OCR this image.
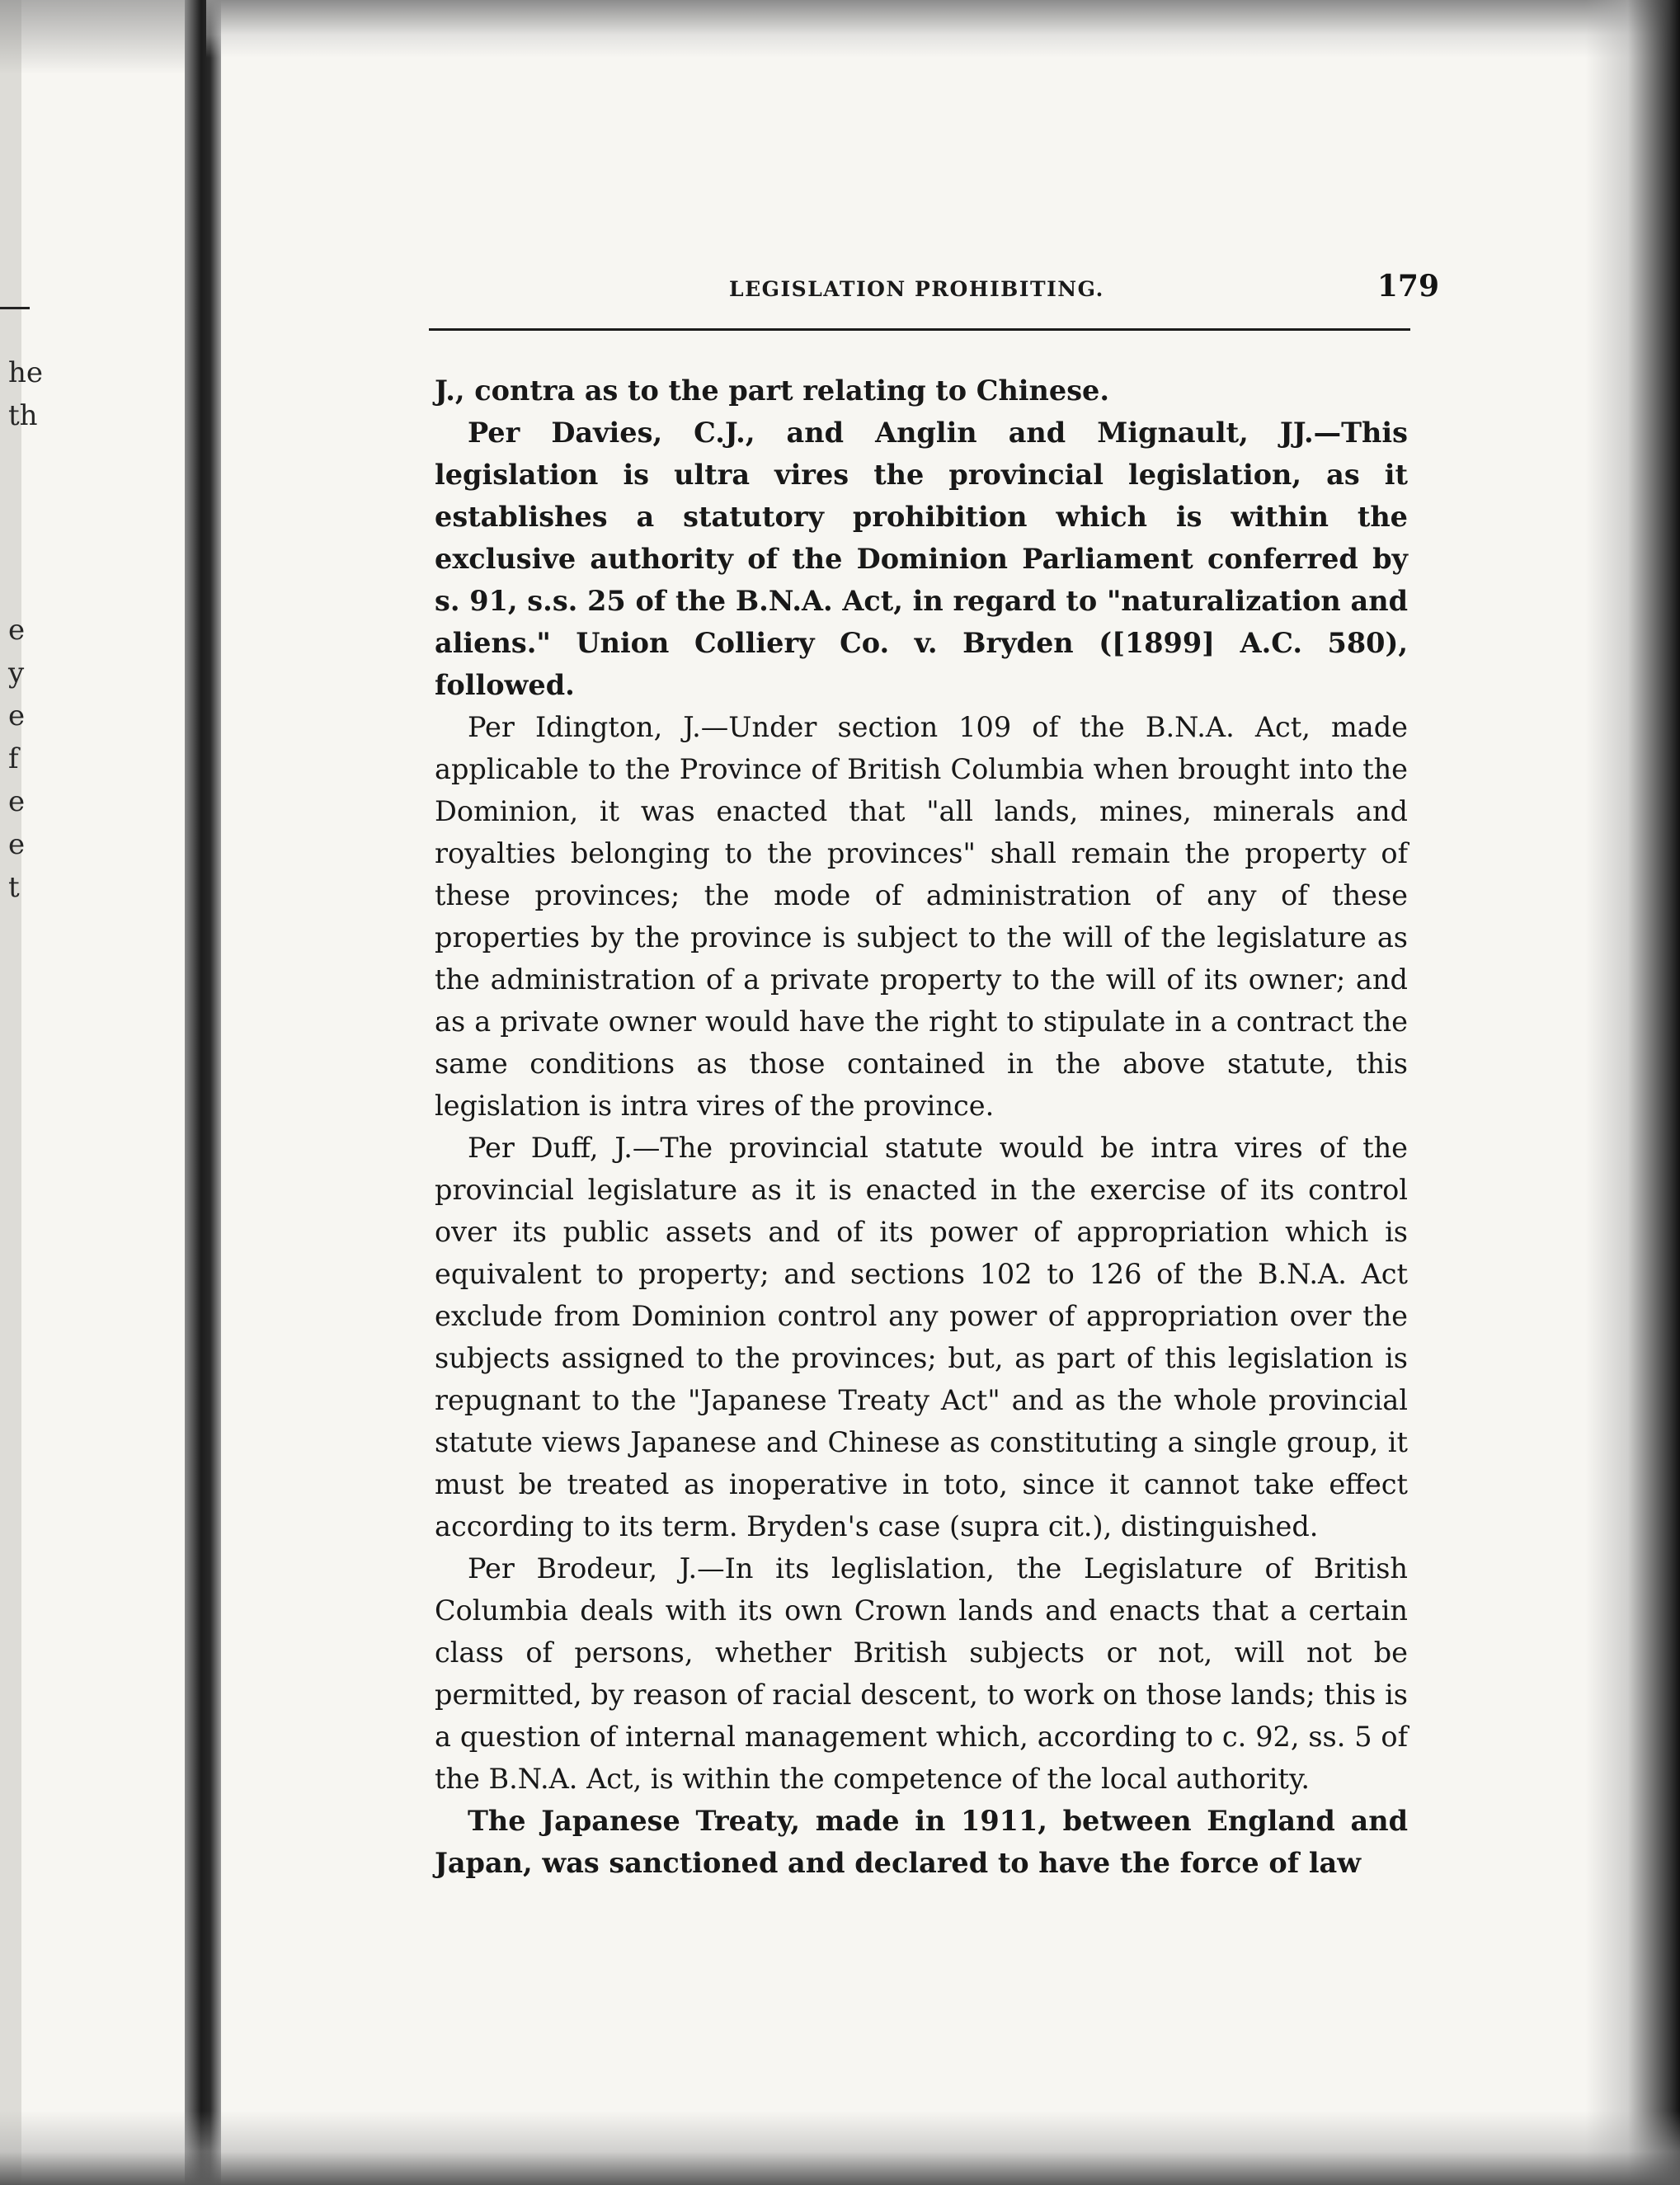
he
th
e
y
e
f
e
e
t
LEGISLATION PROHIBITING.	179

J., contra as to the part relating to Chinese.

Per Davies, C.J., and Anglin and Mignault, JJ.—This legislation is ultra vires the provincial legislation, as it establishes a statutory prohibition which is within the exclusive authority of the Dominion Parliament conferred by s. 91, s.s. 25 of the B.N.A. Act, in regard to "naturalization and aliens." Union Colliery Co. v. Bryden ([1899] A.C. 580), followed.

Per Idington, J.—Under section 109 of the B.N.A. Act, made applicable to the Province of British Columbia when brought into the Dominion, it was enacted that "all lands, mines, minerals and royalties belonging to the provinces" shall remain the property of these provinces; the mode of administration of any of these properties by the province is subject to the will of the legislature as the administration of a private property to the will of its owner; and as a private owner would have the right to stipulate in a contract the same conditions as those contained in the above statute, this legislation is intra vires of the province.

Per Duff, J.—The provincial statute would be intra vires of the provincial legislature as it is enacted in the exercise of its control over its public assets and of its power of appropriation which is equivalent to property; and sections 102 to 126 of the B.N.A. Act exclude from Dominion control any power of appropriation over the subjects assigned to the provinces; but, as part of this legislation is repugnant to the "Japanese Treaty Act" and as the whole provincial statute views Japanese and Chinese as constituting a single group, it must be treated as inoperative in toto, since it cannot take effect according to its term. Bryden's case (supra cit.), distinguished.

Per Brodeur, J.—In its leglislation, the Legislature of British Columbia deals with its own Crown lands and enacts that a certain class of persons, whether British subjects or not, will not be permitted, by reason of racial descent, to work on those lands; this is a question of internal management which, according to c. 92, ss. 5 of the B.N.A. Act, is within the competence of the local authority.

The Japanese Treaty, made in 1911, between England and Japan, was sanctioned and declared to have the force of law
